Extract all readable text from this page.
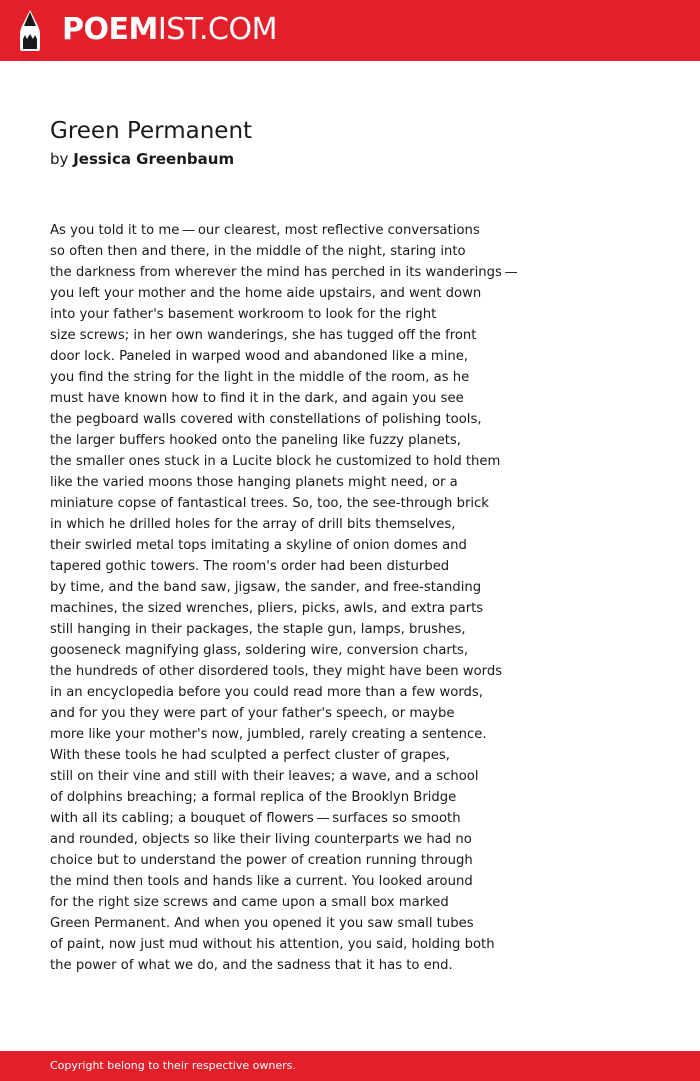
POEMIST.COM
Green Permanent
by Jessica Greenbaum
As you told it to me — our clearest, most reflective conversations
so often then and there, in the middle of the night, staring into
the darkness from wherever the mind has perched in its wanderings — 
you left your mother and the home aide upstairs, and went down
into your father's basement workroom to look for the right
size screws; in her own wanderings, she has tugged off the front
door lock. Paneled in warped wood and abandoned like a mine,
you find the string for the light in the middle of the room, as he
must have known how to find it in the dark, and again you see
the pegboard walls covered with constellations of polishing tools,
the larger buffers hooked onto the paneling like fuzzy planets,
the smaller ones stuck in a Lucite block he customized to hold them
like the varied moons those hanging planets might need, or a
miniature copse of fantastical trees. So, too, the see-through brick
in which he drilled holes for the array of drill bits themselves,
their swirled metal tops imitating a skyline of onion domes and
tapered gothic towers. The room's order had been disturbed
by time, and the band saw, jigsaw, the sander, and free-standing
machines, the sized wrenches, pliers, picks, awls, and extra parts
still hanging in their packages, the staple gun, lamps, brushes,
gooseneck magnifying glass, soldering wire, conversion charts,
the hundreds of other disordered tools, they might have been words
in an encyclopedia before you could read more than a few words,
and for you they were part of your father's speech, or maybe
more like your mother's now, jumbled, rarely creating a sentence.
With these tools he had sculpted a perfect cluster of grapes,
still on their vine and still with their leaves; a wave, and a school
of dolphins breaching; a formal replica of the Brooklyn Bridge
with all its cabling; a bouquet of flowers — surfaces so smooth
and rounded, objects so like their living counterparts we had no
choice but to understand the power of creation running through
the mind then tools and hands like a current. You looked around
for the right size screws and came upon a small box marked
Green Permanent. And when you opened it you saw small tubes
of paint, now just mud without his attention, you said, holding both
the power of what we do, and the sadness that it has to end.
Copyright belong to their respective owners.
